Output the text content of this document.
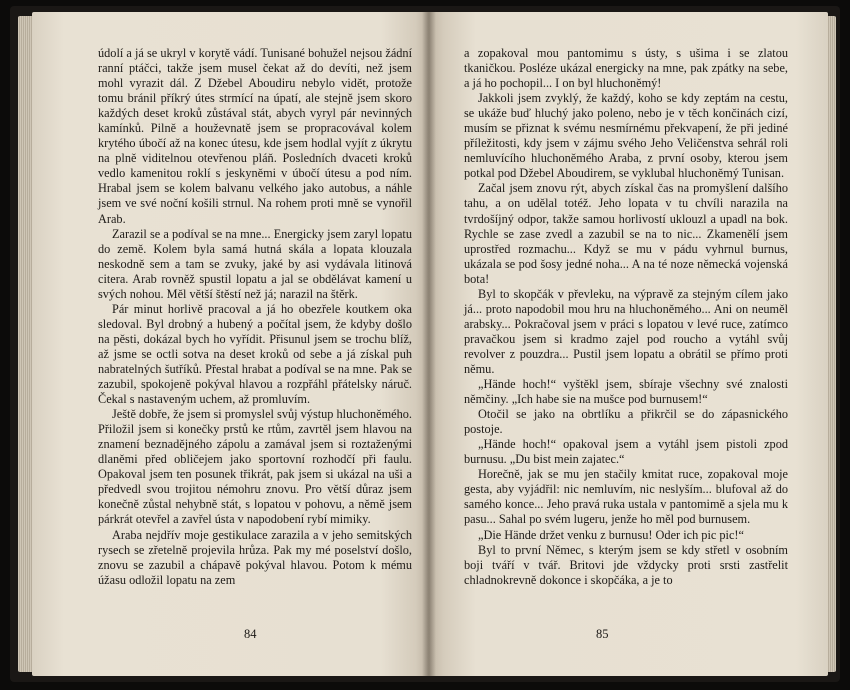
údolí a já se ukryl v korytě vádí. Tunisané bohužel nejsou žádní ranní ptáčci, takže jsem musel čekat až do devíti, než jsem mohl vyrazit dál. Z Džebel Aboudiru nebylo vidět, protože tomu bránil příkrý útes strmící na úpatí, ale stejně jsem skoro každých deset kroků zůstával stát, abych vyryl pár nevinných kamínků. Pilně a houževnatě jsem se propracovával kolem krytého úbočí až na konec útesu, kde jsem hodlal vyjít z úkrytu na plně viditelnou otevřenou pláň. Posledních dvaceti kroků vedlo kamenitou roklí s jeskyněmi v úbočí útesu a pod ním. Hrabal jsem se kolem balvanu velkého jako autobus, a náhle jsem ve své noční košili strnul. Na rohem proti mně se vynořil Arab.

Zarazil se a podíval se na mne... Energicky jsem zaryl lopatu do země. Kolem byla samá hutná skála a lopata klouzala neskodně sem a tam se zvuky, jaké by asi vydávala litinová citera. Arab rovněž spustil lopatu a jal se obdělávat kamení u svých nohou. Měl větší štěstí než já; narazil na štěrk.

Pár minut horlivě pracoval a já ho obezřele koutkem oka sledoval. Byl drobný a hubený a počítal jsem, že kdyby došlo na pěsti, dokázal bych ho vyřídit. Přisunul jsem se trochu blíž, až jsme se octli sotva na deset kroků od sebe a já získal puh nabratelných šutříků. Přestal hrabat a podíval se na mne. Pak se zazubil, spokojeně pokýval hlavou a rozpřáhl přátelsky náruč. Čekal s nastaveným uchem, až promluvím.

Ještě dobře, že jsem si promyslel svůj výstup hluchoněmého. Přiložil jsem si konečky prstů ke rtům, zavrtěl jsem hlavou na znamení beznadějného zápolu a zamával jsem si roztaženými dlaněmi před obličejem jako sportovní rozhodčí při faulu. Opakoval jsem ten posunek třikrát, pak jsem si ukázal na uši a předvedl svou trojitou némohru znovu. Pro větší důraz jsem konečně zůstal nehybně stát, s lopatou v pohovu, a němě jsem párkrát otevřel a zavřel ústa v napodobení rybí mimiky.

Araba nejdřív moje gestikulace zarazila a v jeho semitských rysech se zřetelně projevila hrůza. Pak my mé poselství došlo, znovu se zazubil a chápavě pokýval hlavou. Potom k mému úžasu odložil lopatu na zem

84

a zopakoval mou pantomimu s ústy, s ušima i se zlatou tkaničkou. Posléze ukázal energicky na mne, pak zpátky na sebe, a já ho pochopil... I on byl hluchoněmý!

Jakkoli jsem zvyklý, že každý, koho se kdy zeptám na cestu, se ukáže buď hluchý jako poleno, nebo je v těch končinách cizí, musím se přiznat k svému nesmírnému překvapení, že při jediné příležitosti, kdy jsem v zájmu svého Jeho Veličenstva sehrál roli nemluvícího hluchoněmého Araba, z první osoby, kterou jsem potkal pod Džebel Aboudirem, se vyklubal hluchoněmý Tunisan.

Začal jsem znovu rýt, abych získal čas na promyšlení dalšího tahu, a on udělal totéž. Jeho lopata v tu chvíli narazila na tvrdošíjný odpor, takže samou horlivostí uklouzl a upadl na bok. Rychle se zase zvedl a zazubil se na to nic... Zkamenělí jsem uprostřed rozmachu... Když se mu v pádu vyhrnul burnus, ukázala se pod šosy jedné noha... A na té noze německá vojenská bota!

Byl to skopčák v převleku, na výpravě za stejným cílem jako já... proto napodobil mou hru na hluchoněmého... Ani on neuměl arabsky... Pokračoval jsem v práci s lopatou v levé ruce, zatímco pravačkou jsem si kradmo zajel pod roucho a vytáhl svůj revolver z pouzdra... Pustil jsem lopatu a obrátil se přímo proti němu.

„Hände hoch!“ vyštěkl jsem, sbíraje všechny své znalosti němčiny. „Ich habe sie na mušce pod burnusem!“

Otočil se jako na obrtlíku a přikrčil se do zápasnického postoje.

„Hände hoch!“ opakoval jsem a vytáhl jsem pistoli zpod burnusu. „Du bist mein zajatec.“

Horečně, jak se mu jen stačily kmitat ruce, zopakoval moje gesta, aby vyjádřil: nic nemluvím, nic neslyším... blufoval až do samého konce... Jeho pravá ruka ustala v pantomimě a sjela mu k pasu... Sahal po svém lugeru, jenže ho měl pod burnusem.

„Die Hände držet venku z burnusu! Oder ich pic pic!“

Byl to první Němec, s kterým jsem se kdy střetl v osobním boji tváří v tvář. Britovi jde vždycky proti srsti zastřelit chladnokrevně dokonce i skopčáka, a je to

85
